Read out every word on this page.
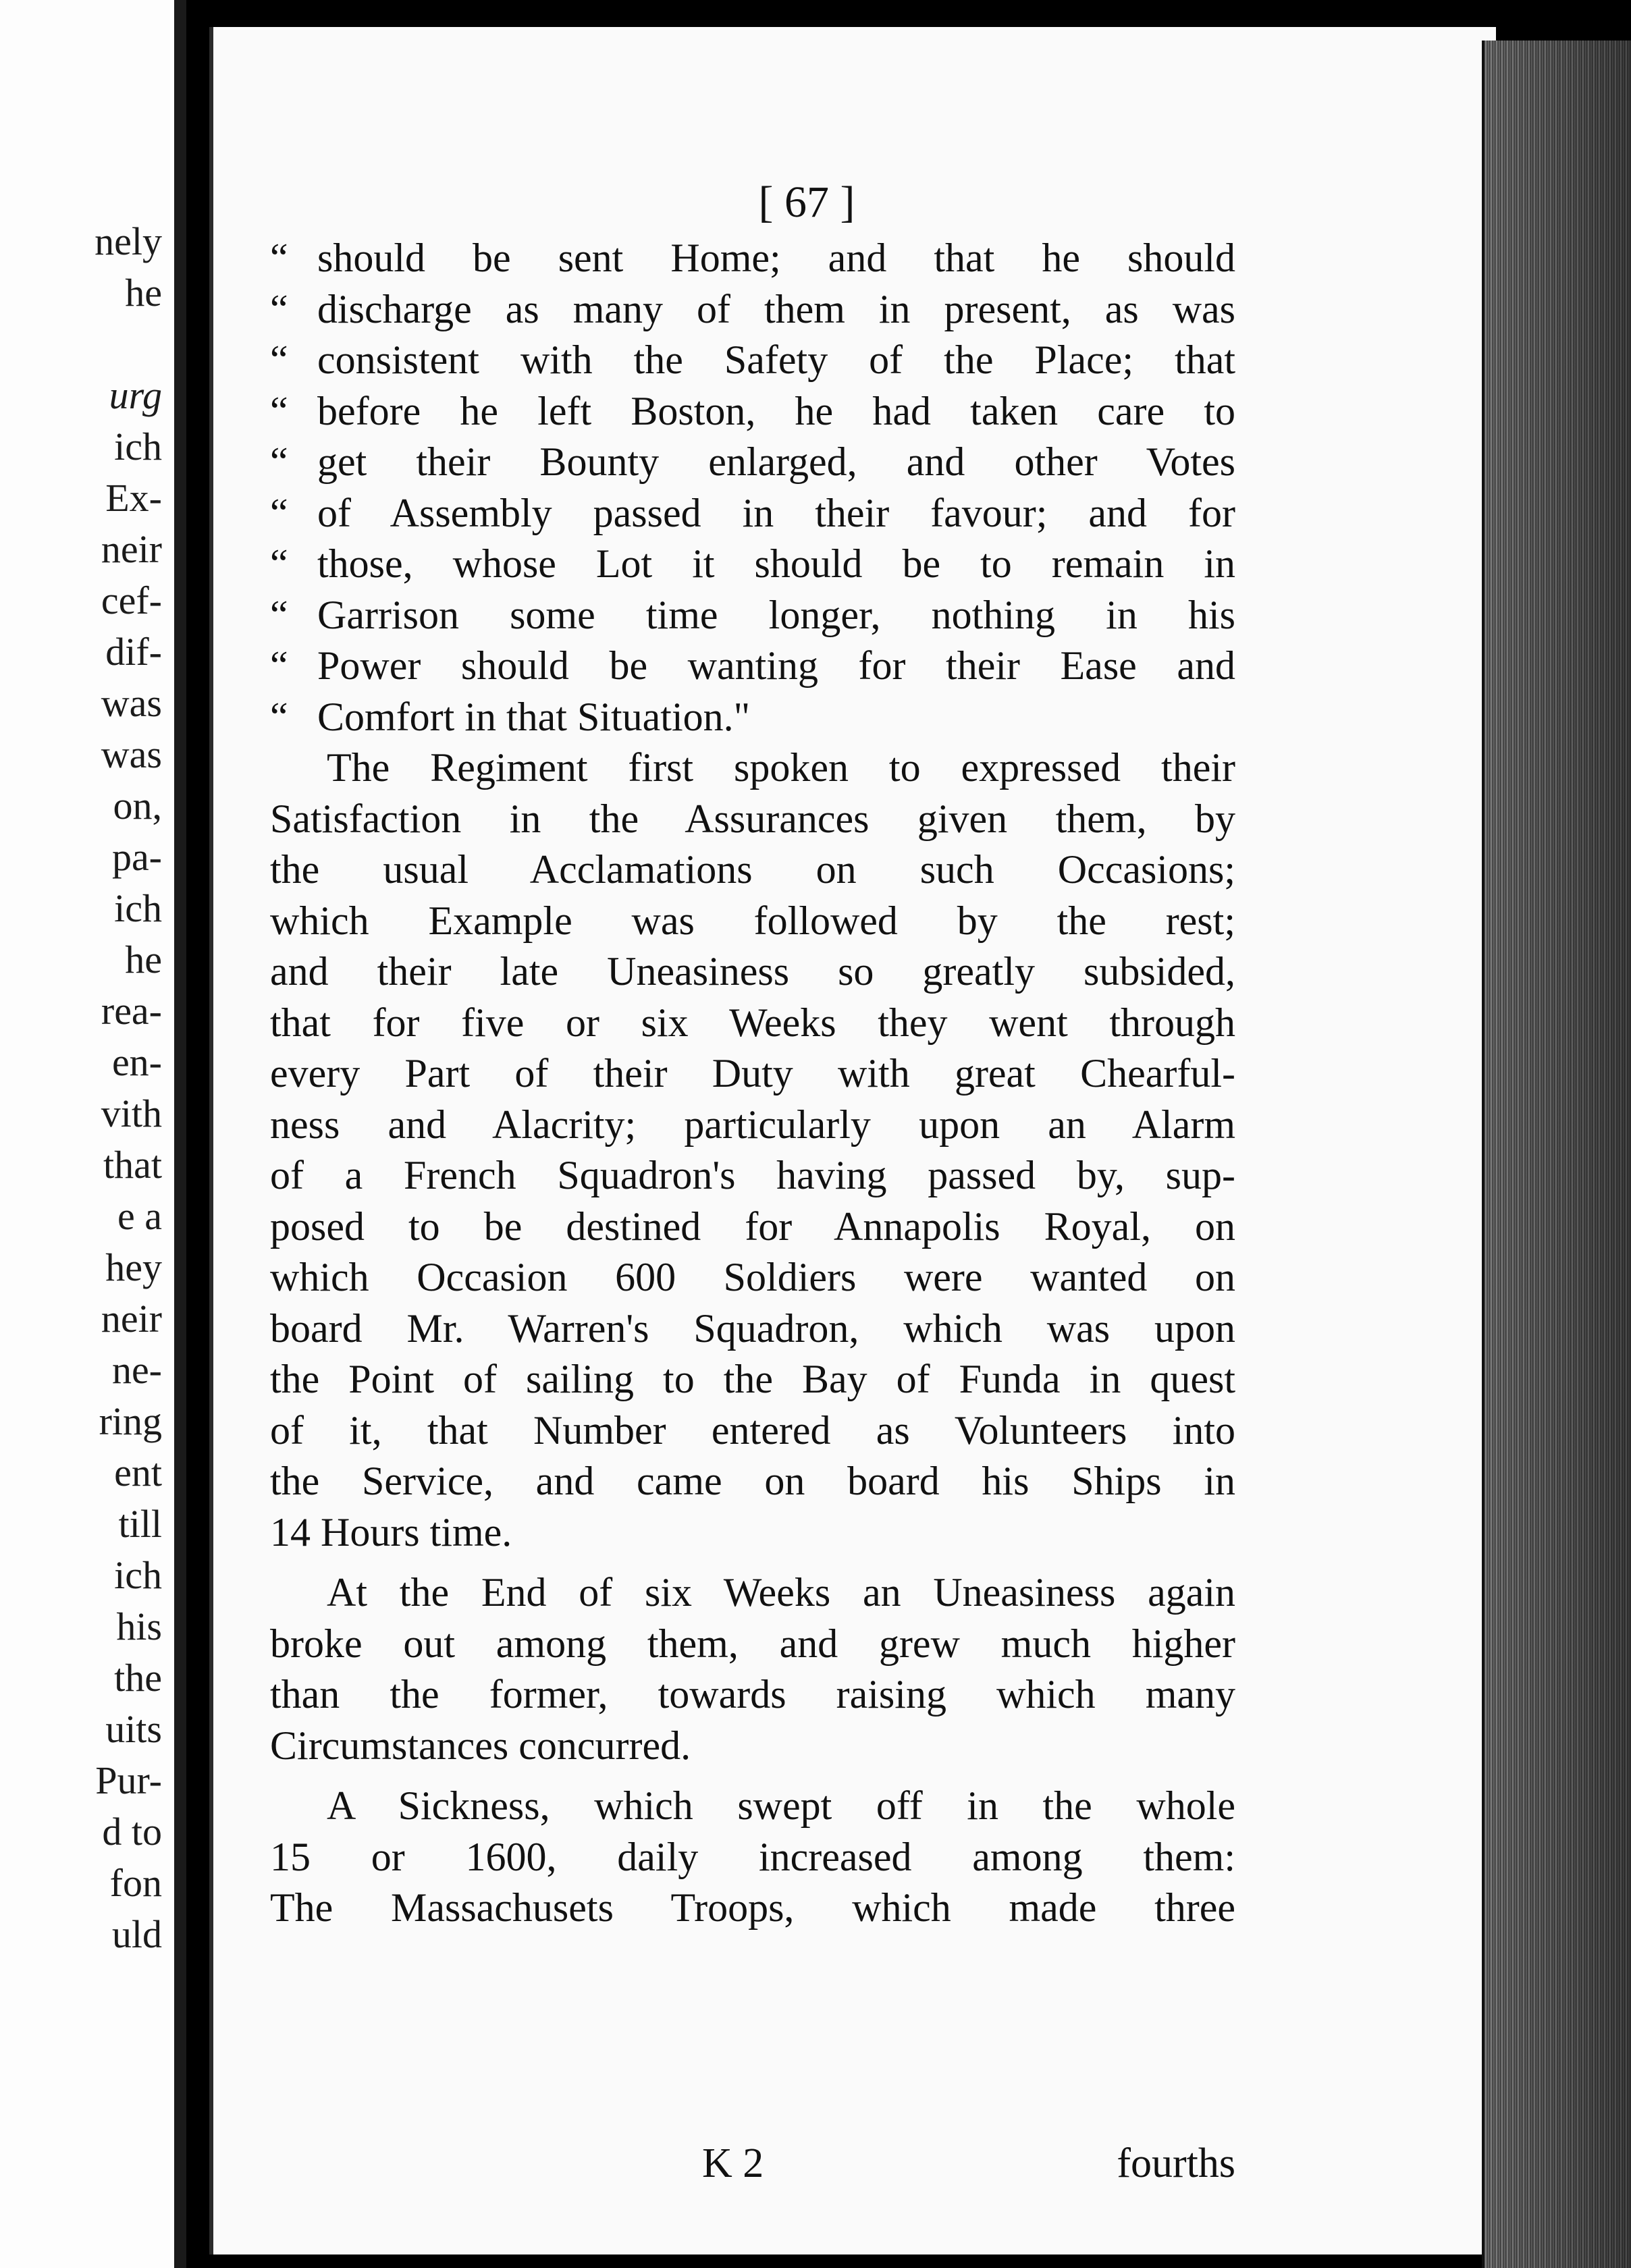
nely
he
urg
ich
Ex-
neir
cef-
dif-
was
was
on,
pa-
ich
he
rea-
en-
vith
that
e a
hey
neir
ne-
ring
ent
till
ich
his
the
uits
Pur-
d to
fon
uld
[ 67 ]
“ should be sent Home; and that he should
“ discharge as many of them in present, as was
“ consistent with the Safety of the Place; that
“ before he left Boston, he had taken care to
“ get their Bounty enlarged, and other Votes
“ of Assembly passed in their favour; and for
“ those, whose Lot it should be to remain in
“ Garrison some time longer, nothing in his
“ Power should be wanting for their Ease and
“ Comfort in that Situation."
The Regiment first spoken to expressed their
Satisfaction in the Assurances given them, by
the usual Acclamations on such Occasions;
which Example was followed by the rest;
and their late Uneasiness so greatly subsided,
that for five or six Weeks they went through
every Part of their Duty with great Chearful-
ness and Alacrity; particularly upon an Alarm
of a French Squadron's having passed by, sup-
posed to be destined for Annapolis Royal, on
which Occasion 600 Soldiers were wanted on
board Mr. Warren's Squadron, which was upon
the Point of sailing to the Bay of Funda in quest
of it, that Number entered as Volunteers into
the Service, and came on board his Ships in
14 Hours time.
At the End of six Weeks an Uneasiness again
broke out among them, and grew much higher
than the former, towards raising which many
Circumstances concurred.
A Sickness, which swept off in the whole
15 or 1600, daily increased among them:
The Massachusets Troops, which made three
K 2	fourths
